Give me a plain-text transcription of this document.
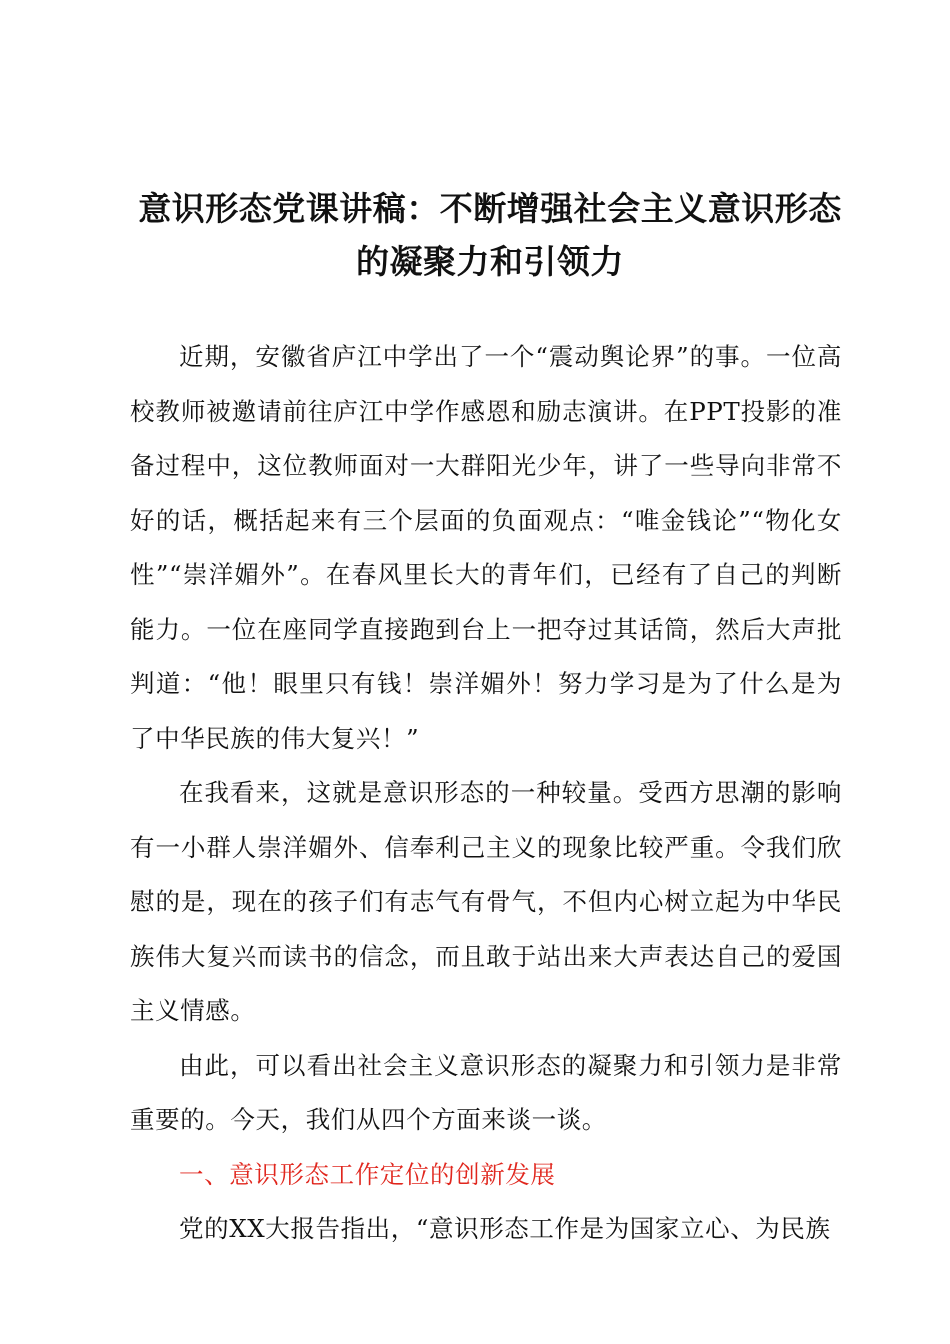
意识形态党课讲稿：不断增强社会主义意识形态
的凝聚力和引领力

近期，安徽省庐江中学出了一个“震动舆论界”的事。一位高校教师被邀请前往庐江中学作感恩和励志演讲。在PPT投影的准备过程中，这位教师面对一大群阳光少年，讲了一些导向非常不好的话，概括起来有三个层面的负面观点：“唯金钱论”“物化女性”“崇洋媚外”。在春风里长大的青年们，已经有了自己的判断能力。一位在座同学直接跑到台上一把夺过其话筒，然后大声批判道：“他！眼里只有钱！崇洋媚外！努力学习是为了什么是为了中华民族的伟大复兴！”

在我看来，这就是意识形态的一种较量。受西方思潮的影响有一小群人崇洋媚外、信奉利己主义的现象比较严重。令我们欣慰的是，现在的孩子们有志气有骨气，不但内心树立起为中华民族伟大复兴而读书的信念，而且敢于站出来大声表达自己的爱国主义情感。

由此，可以看出社会主义意识形态的凝聚力和引领力是非常重要的。今天，我们从四个方面来谈一谈。

一、意识形态工作定位的创新发展

党的XX大报告指出，“意识形态工作是为国家立心、为民族
